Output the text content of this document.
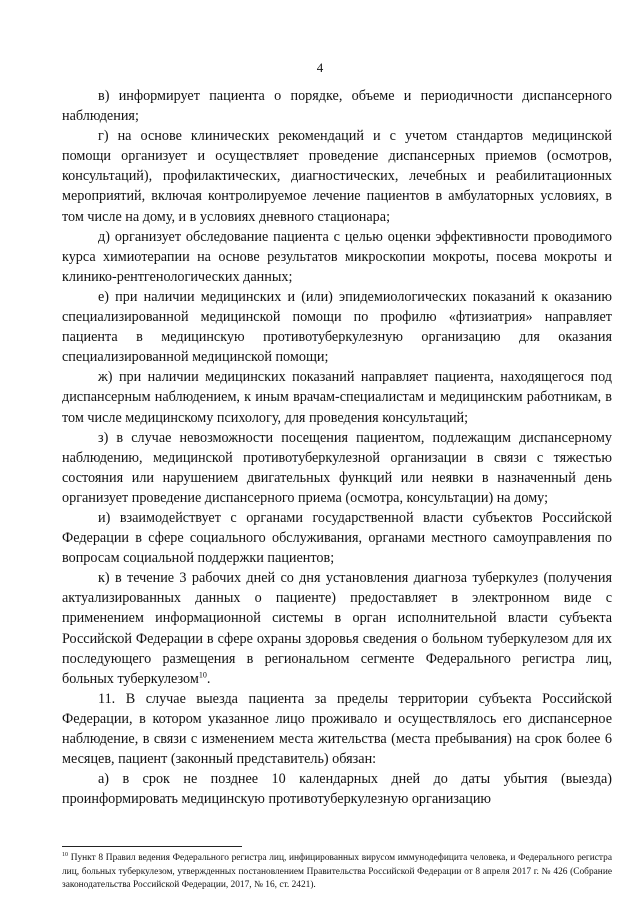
4

в) информирует пациента о порядке, объеме и периодичности диспансерного наблюдения;

г) на основе клинических рекомендаций и с учетом стандартов медицинской помощи организует и осуществляет проведение диспансерных приемов (осмотров, консультаций), профилактических, диагностических, лечебных и реабилитационных мероприятий, включая контролируемое лечение пациентов в амбулаторных условиях, в том числе на дому, и в условиях дневного стационара;

д) организует обследование пациента с целью оценки эффективности проводимого курса химиотерапии на основе результатов микроскопии мокроты, посева мокроты и клинико-рентгенологических данных;

е) при наличии медицинских и (или) эпидемиологических показаний к оказанию специализированной медицинской помощи по профилю «фтизиатрия» направляет пациента в медицинскую противотуберкулезную организацию для оказания специализированной медицинской помощи;

ж) при наличии медицинских показаний направляет пациента, находящегося под диспансерным наблюдением, к иным врачам-специалистам и медицинским работникам, в том числе медицинскому психологу, для проведения консультаций;

з) в случае невозможности посещения пациентом, подлежащим диспансерному наблюдению, медицинской противотуберкулезной организации в связи с тяжестью состояния или нарушением двигательных функций или неявки в назначенный день организует проведение диспансерного приема (осмотра, консультации) на дому;

и) взаимодействует с органами государственной власти субъектов Российской Федерации в сфере социального обслуживания, органами местного самоуправления по вопросам социальной поддержки пациентов;

к) в течение 3 рабочих дней со дня установления диагноза туберкулез (получения актуализированных данных о пациенте) предоставляет в электронном виде с применением информационной системы в орган исполнительной власти субъекта Российской Федерации в сфере охраны здоровья сведения о больном туберкулезом для их последующего размещения в региональном сегменте Федерального регистра лиц, больных туберкулезом$^{10}$.

11. В случае выезда пациента за пределы территории субъекта Российской Федерации, в котором указанное лицо проживало и осуществлялось его диспансерное наблюдение, в связи с изменением места жительства (места пребывания) на срок более 6 месяцев, пациент (законный представитель) обязан:

а) в срок не позднее 10 календарных дней до даты убытия (выезда) проинформировать медицинскую противотуберкулезную организацию

$^{10}$ Пункт 8 Правил ведения Федерального регистра лиц, инфицированных вирусом иммунодефицита человека, и Федерального регистра лиц, больных туберкулезом, утвержденных постановлением Правительства Российской Федерации от 8 апреля 2017 г. № 426 (Собрание законодательства Российской Федерации, 2017, № 16, ст. 2421).
